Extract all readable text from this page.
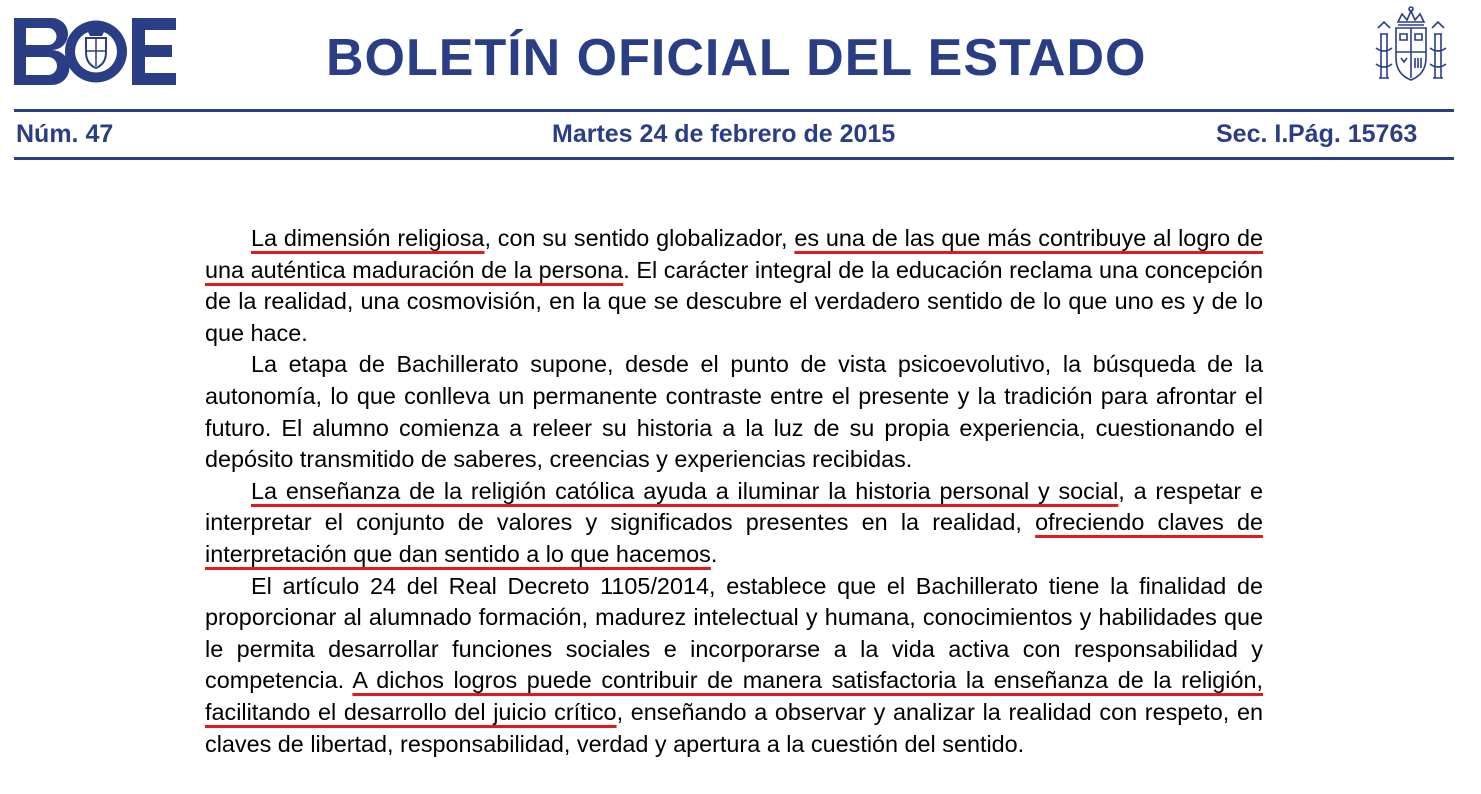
BOLETÍN OFICIAL DEL ESTADO
Núm. 47	Martes 24 de febrero de 2015	Sec. I. Pág. 15763

La dimensión religiosa, con su sentido globalizador, es una de las que más contribuye al logro de una auténtica maduración de la persona. El carácter integral de la educación reclama una concepción de la realidad, una cosmovisión, en la que se descubre el verdadero sentido de lo que uno es y de lo que hace.

La etapa de Bachillerato supone, desde el punto de vista psicoevolutivo, la búsqueda de la autonomía, lo que conlleva un permanente contraste entre el presente y la tradición para afrontar el futuro. El alumno comienza a releer su historia a la luz de su propia experiencia, cuestionando el depósito transmitido de saberes, creencias y experiencias recibidas.

La enseñanza de la religión católica ayuda a iluminar la historia personal y social, a respetar e interpretar el conjunto de valores y significados presentes en la realidad, ofreciendo claves de interpretación que dan sentido a lo que hacemos.

El artículo 24 del Real Decreto 1105/2014, establece que el Bachillerato tiene la finalidad de proporcionar al alumnado formación, madurez intelectual y humana, conocimientos y habilidades que le permita desarrollar funciones sociales e incorporarse a la vida activa con responsabilidad y competencia. A dichos logros puede contribuir de manera satisfactoria la enseñanza de la religión, facilitando el desarrollo del juicio crítico, enseñando a observar y analizar la realidad con respeto, en claves de libertad, responsabilidad, verdad y apertura a la cuestión del sentido.
